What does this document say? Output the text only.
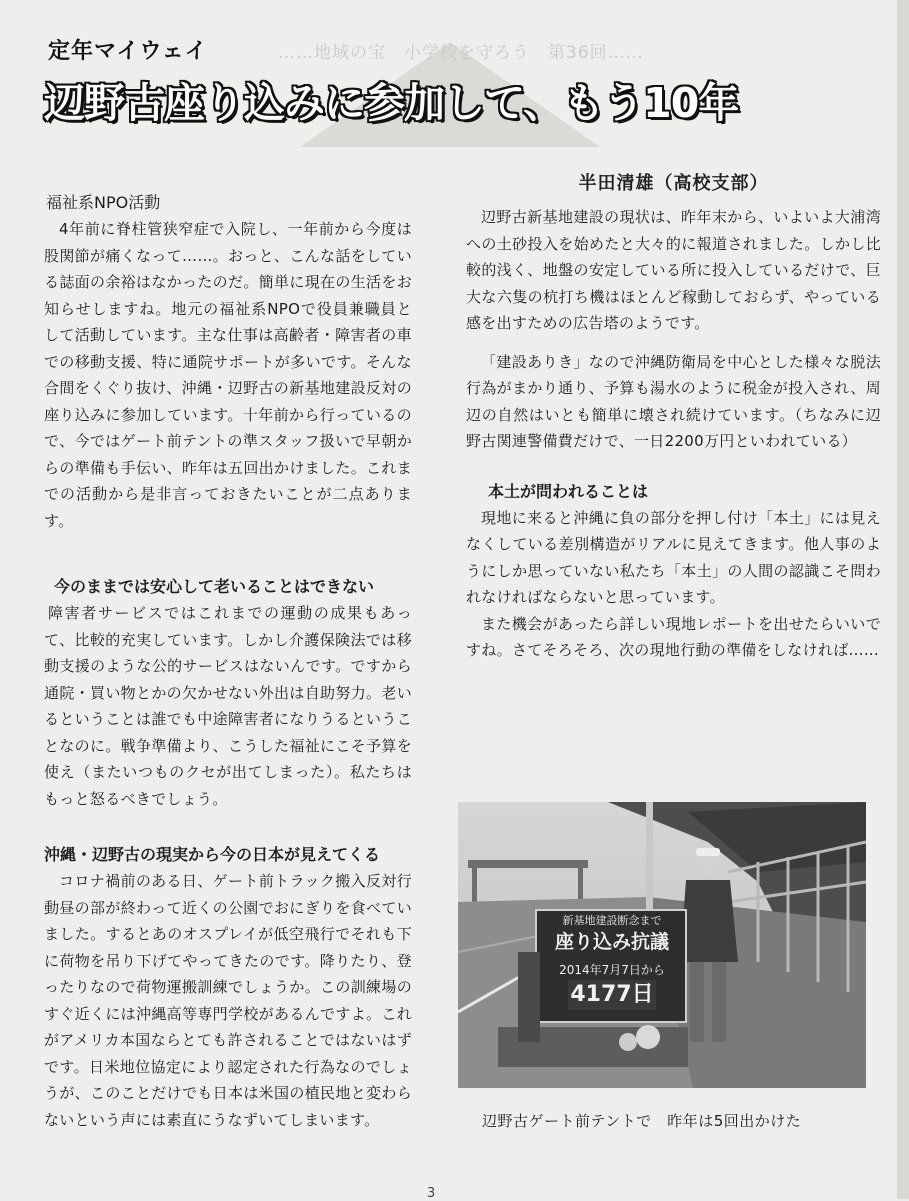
……地域の宝　小学校を守ろう　第36回……
定年マイウェイ
辺野古座り込みに参加して、もう10年

福祉系NPO活動

4年前に脊柱管狭窄症で入院し、一年前から今度は股関節が痛くなって……。おっと、こんな話をしている誌面の余裕はなかったのだ。簡単に現在の生活をお知らせしますね。地元の福祉系NPOで役員兼職員として活動しています。主な仕事は高齢者・障害者の車での移動支援、特に通院サポートが多いです。そんな合間をくぐり抜け、沖縄・辺野古の新基地建設反対の座り込みに参加しています。十年前から行っているので、今ではゲート前テントの準スタッフ扱いで早朝からの準備も手伝い、昨年は五回出かけました。これまでの活動から是非言っておきたいことが二点あります。

今のままでは安心して老いることはできない

障害者サービスではこれまでの運動の成果もあって、比較的充実しています。しかし介護保険法では移動支援のような公的サービスはないんです。ですから通院・買い物とかの欠かせない外出は自助努力。老いるということは誰でも中途障害者になりうるということなのに。戦争準備より、こうした福祉にこそ予算を使え（またいつものクセが出てしまった）。私たちはもっと怒るべきでしょう。

沖縄・辺野古の現実から今の日本が見えてくる

コロナ禍前のある日、ゲート前トラック搬入反対行動昼の部が終わって近くの公園でおにぎりを食べていました。するとあのオスプレイが低空飛行でそれも下に荷物を吊り下げてやってきたのです。降りたり、登ったりなので荷物運搬訓練でしょうか。この訓練場のすぐ近くには沖縄高等専門学校があるんですよ。これがアメリカ本国ならとても許されることではないはずです。日米地位協定により認定された行為なのでしょうが、このことだけでも日本は米国の植民地と変わらないという声には素直にうなずいてしまいます。

半田清雄（高校支部）

辺野古新基地建設の現状は、昨年末から、いよいよ大浦湾への土砂投入を始めたと大々的に報道されました。しかし比較的浅く、地盤の安定している所に投入しているだけで、巨大な六隻の杭打ち機はほとんど稼動しておらず、やっている感を出すための広告塔のようです。

「建設ありき」なので沖縄防衛局を中心とした様々な脱法行為がまかり通り、予算も湯水のように税金が投入され、周辺の自然はいとも簡単に壊され続けています。（ちなみに辺野古関連警備費だけで、一日2200万円といわれている）

本土が問われることは

現地に来ると沖縄に負の部分を押し付け「本土」には見えなくしている差別構造がリアルに見えてきます。他人事のようにしか思っていない私たち「本土」の人間の認識こそ問われなければならないと思っています。

また機会があったら詳しい現地レポートを出せたらいいですね。さてそろそろ、次の現地行動の準備をしなければ……

新基地建設断念まで
座り込み抗議
2014年7月7日から
4177日
辺野古ゲート前テントで　昨年は5回出かけた
3
